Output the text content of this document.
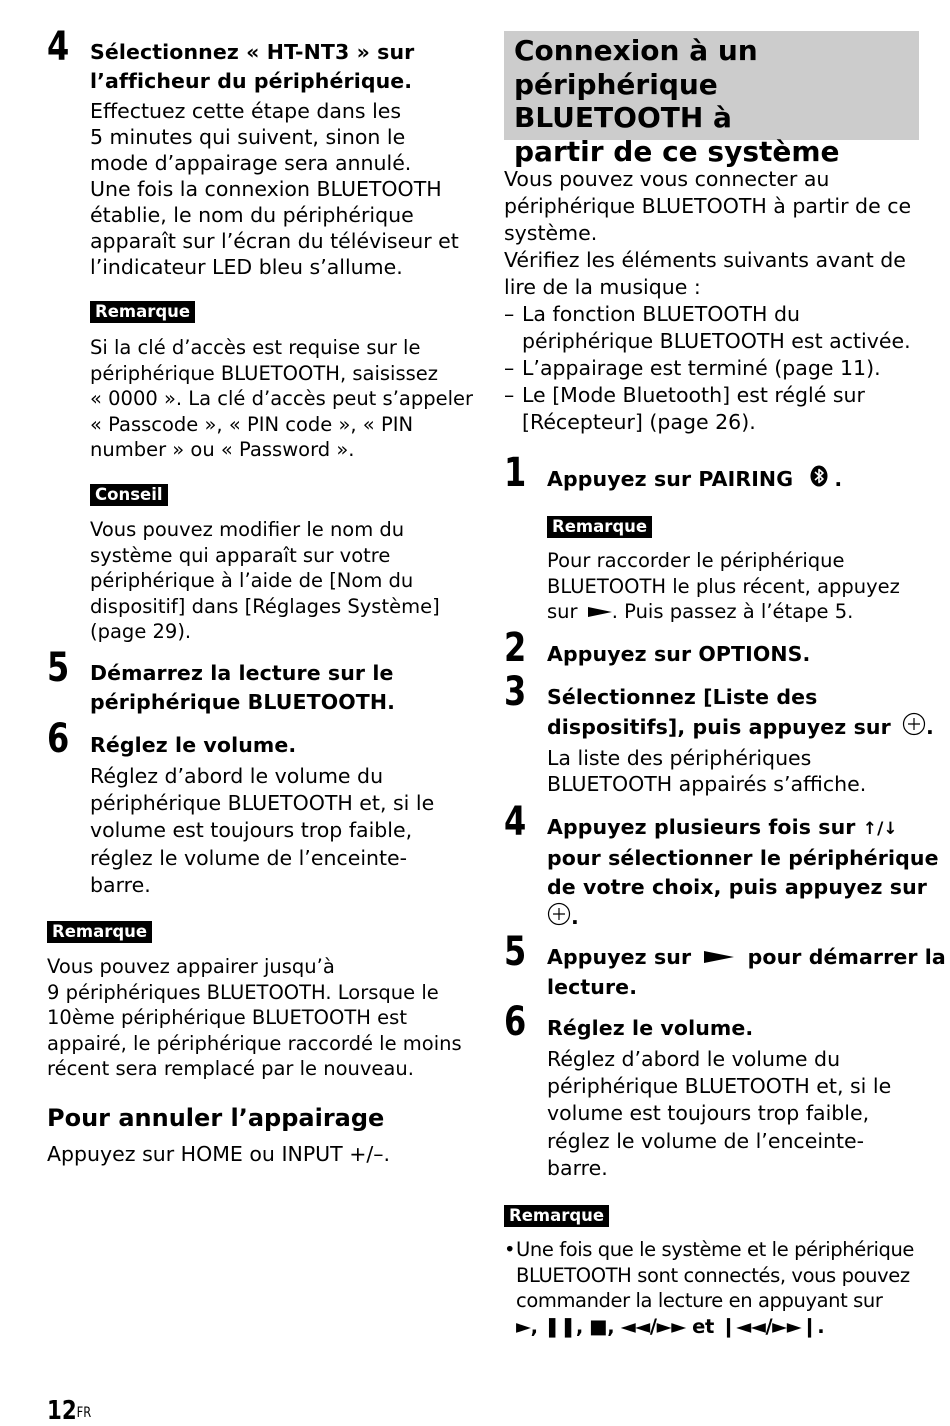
4 Sélectionnez « HT-NT3 » sur
l’afficheur du périphérique.
Effectuez cette étape dans les
5 minutes qui suivent, sinon le
mode d’appairage sera annulé.
Une fois la connexion BLUETOOTH
établie, le nom du périphérique
apparaît sur l’écran du téléviseur et
l’indicateur LED bleu s’allume.
Remarque
Si la clé d’accès est requise sur le
périphérique BLUETOOTH, saisissez
« 0000 ». La clé d’accès peut s’appeler
« Passcode », « PIN code », « PIN
number » ou « Password ».
Conseil
Vous pouvez modifier le nom du
système qui apparaît sur votre
périphérique à l’aide de [Nom du
dispositif] dans [Réglages Système]
(page 29).
5 Démarrez la lecture sur le
périphérique BLUETOOTH.
6 Réglez le volume.
Réglez d’abord le volume du
périphérique BLUETOOTH et, si le
volume est toujours trop faible,
réglez le volume de l’enceinte-
barre.
Remarque
Vous pouvez appairer jusqu’à
9 périphériques BLUETOOTH. Lorsque le
10ème périphérique BLUETOOTH est
appairé, le périphérique raccordé le moins
récent sera remplacé par le nouveau.
Pour annuler l’appairage
Appuyez sur HOME ou INPUT +/–.
Connexion à un
périphérique BLUETOOTH à
partir de ce système
Vous pouvez vous connecter au
périphérique BLUETOOTH à partir de ce
système.
Vérifiez les éléments suivants avant de
lire de la musique :
– La fonction BLUETOOTH du
périphérique BLUETOOTH est activée.
– L’appairage est terminé (page 11).
– Le [Mode Bluetooth] est réglé sur
[Récepteur] (page 26).
1 Appuyez sur PAIRING .
Remarque
Pour raccorder le périphérique
BLUETOOTH le plus récent, appuyez
sur . Puis passez à l’étape 5.
2 Appuyez sur OPTIONS.
3 Sélectionnez [Liste des
dispositifs], puis appuyez sur .
La liste des périphériques
BLUETOOTH appairés s’affiche.
4 Appuyez plusieurs fois sur ↑/↓
pour sélectionner le périphérique
de votre choix, puis appuyez sur
.
5 Appuyez sur	pour démarrer la
lecture.
6 Réglez le volume.
Réglez d’abord le volume du
périphérique BLUETOOTH et, si le
volume est toujours trop faible,
réglez le volume de l’enceinte-
barre.
Remarque
• Une fois que le système et le périphérique
BLUETOOTH sont connectés, vous pouvez
commander la lecture en appuyant sur
►, ❚❚, ■, ◄◄/►► et ❙◄◄/►►❙.
$12^{FR}$
